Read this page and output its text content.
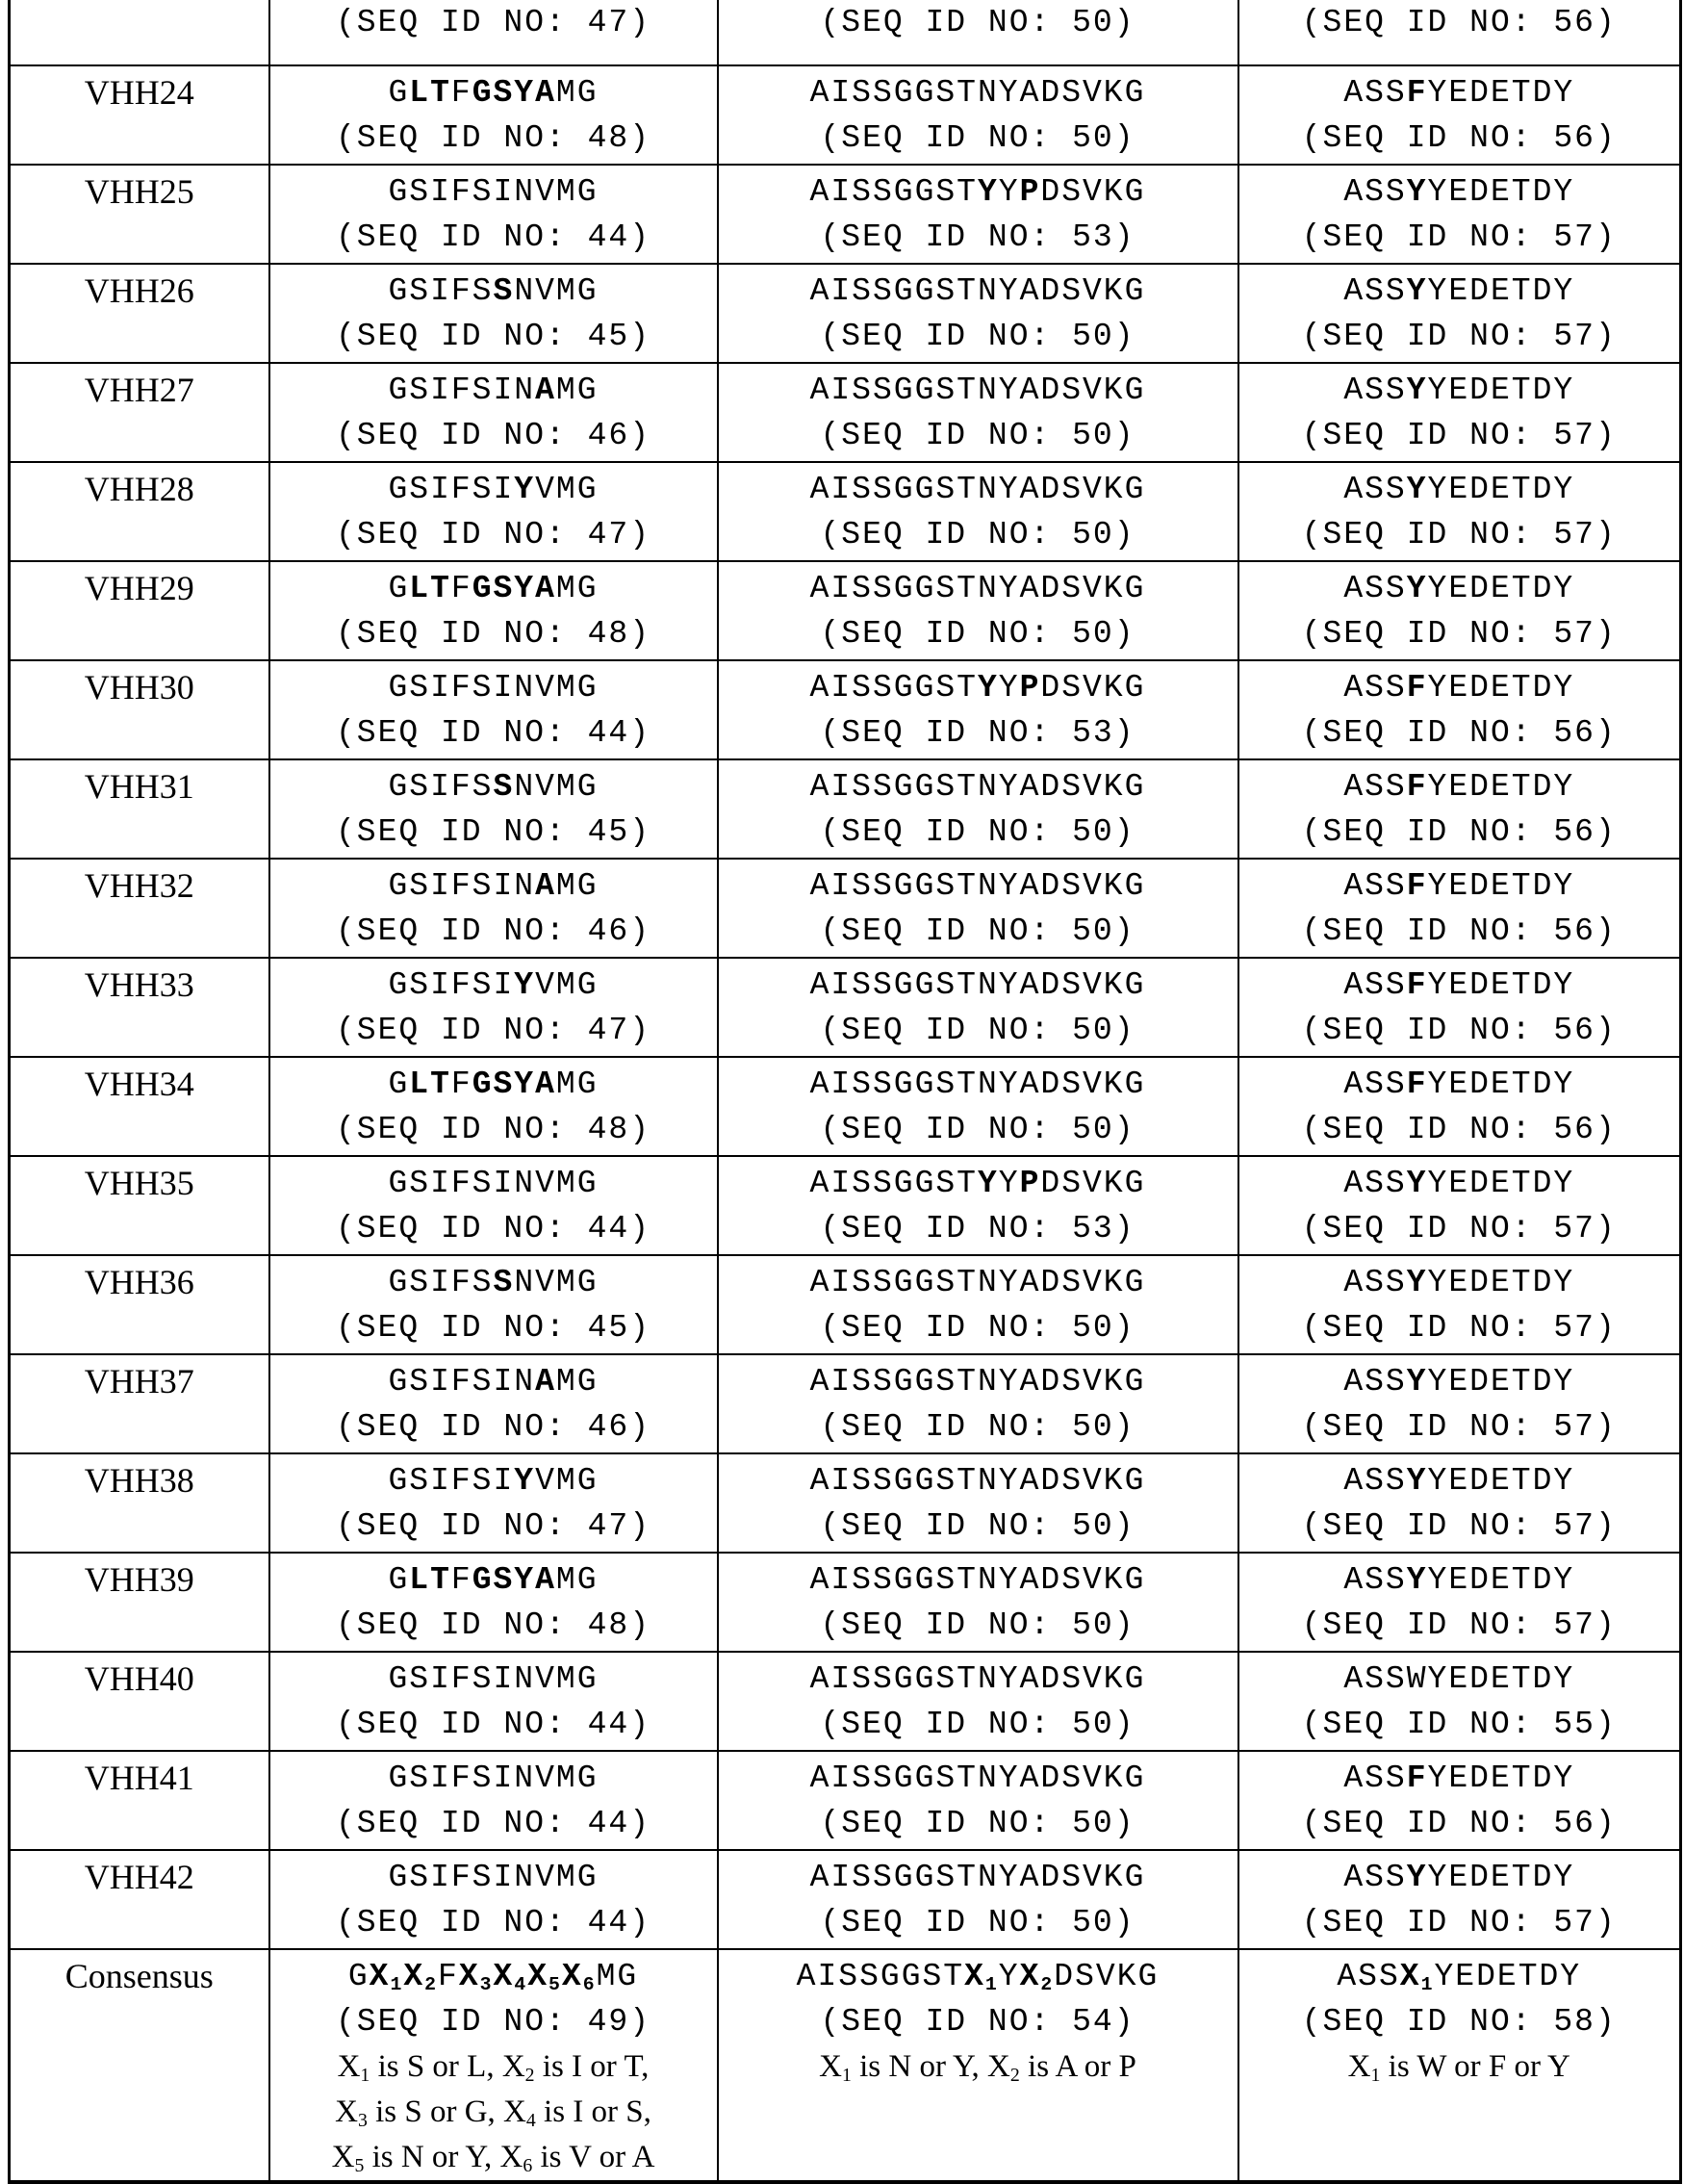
(SEQ ID NO: 47)	(SEQ ID NO: 50)	(SEQ ID NO: 56)

VHH24	GLTFGSYAMG
(SEQ ID NO: 48)

AISSGGSTNYADSVKG
(SEQ ID NO: 50)

ASSFYEDETDY
(SEQ ID NO: 56)

VHH25	GSIFSINVMG
(SEQ ID NO: 44)

AISSGGSTYYPDSVKG
(SEQ ID NO: 53)

ASSYYEDETDY
(SEQ ID NO: 57)

VHH26	GSIFSSNVMG
(SEQ ID NO: 45)

AISSGGSTNYADSVKG
(SEQ ID NO: 50)

ASSYYEDETDY
(SEQ ID NO: 57)

VHH27	GSIFSINAMG
(SEQ ID NO: 46)

AISSGGSTNYADSVKG
(SEQ ID NO: 50)

ASSYYEDETDY
(SEQ ID NO: 57)

VHH28	GSIFSIYVMG
(SEQ ID NO: 47)

AISSGGSTNYADSVKG
(SEQ ID NO: 50)

ASSYYEDETDY
(SEQ ID NO: 57)

VHH29	GLTFGSYAMG
(SEQ ID NO: 48)

AISSGGSTNYADSVKG
(SEQ ID NO: 50)

ASSYYEDETDY
(SEQ ID NO: 57)

VHH30	GSIFSINVMG
(SEQ ID NO: 44)

AISSGGSTYYPDSVKG
(SEQ ID NO: 53)

ASSFYEDETDY
(SEQ ID NO: 56)

VHH31	GSIFSSNVMG
(SEQ ID NO: 45)

AISSGGSTNYADSVKG
(SEQ ID NO: 50)

ASSFYEDETDY
(SEQ ID NO: 56)

VHH32	GSIFSINAMG
(SEQ ID NO: 46)

AISSGGSTNYADSVKG
(SEQ ID NO: 50)

ASSFYEDETDY
(SEQ ID NO: 56)

VHH33	GSIFSIYVMG
(SEQ ID NO: 47)

AISSGGSTNYADSVKG
(SEQ ID NO: 50)

ASSFYEDETDY
(SEQ ID NO: 56)

VHH34	GLTFGSYAMG
(SEQ ID NO: 48)

AISSGGSTNYADSVKG
(SEQ ID NO: 50)

ASSFYEDETDY
(SEQ ID NO: 56)

VHH35	GSIFSINVMG
(SEQ ID NO: 44)

AISSGGSTYYPDSVKG
(SEQ ID NO: 53)

ASSYYEDETDY
(SEQ ID NO: 57)

VHH36	GSIFSSNVMG
(SEQ ID NO: 45)

AISSGGSTNYADSVKG
(SEQ ID NO: 50)

ASSYYEDETDY
(SEQ ID NO: 57)

VHH37	GSIFSINAMG
(SEQ ID NO: 46)

AISSGGSTNYADSVKG
(SEQ ID NO: 50)

ASSYYEDETDY
(SEQ ID NO: 57)

VHH38	GSIFSIYVMG
(SEQ ID NO: 47)

AISSGGSTNYADSVKG
(SEQ ID NO: 50)

ASSYYEDETDY
(SEQ ID NO: 57)

VHH39	GLTFGSYAMG
(SEQ ID NO: 48)

AISSGGSTNYADSVKG
(SEQ ID NO: 50)

ASSYYEDETDY
(SEQ ID NO: 57)

VHH40	GSIFSINVMG
(SEQ ID NO: 44)

AISSGGSTNYADSVKG
(SEQ ID NO: 50)

ASSWYEDETDY
(SEQ ID NO: 55)

VHH41	GSIFSINVMG
(SEQ ID NO: 44)

AISSGGSTNYADSVKG
(SEQ ID NO: 50)

ASSFYEDETDY
(SEQ ID NO: 56)

VHH42	GSIFSINVMG
(SEQ ID NO: 44)

AISSGGSTNYADSVKG
(SEQ ID NO: 50)

ASSYYEDETDY
(SEQ ID NO: 57)

Consensus	GX1X2FX3X4X5X6MG
(SEQ ID NO: 49)
X1 is S or L, X2 is I or T,
X3 is S or G, X4 is I or S,
X5 is N or Y, X6 is V or A

AISSGGSTX1YX2DSVKG
(SEQ ID NO: 54)
X1 is N or Y, X2 is A or P

ASSX1YEDETDY
(SEQ ID NO: 58)
X1 is W or F or Y
